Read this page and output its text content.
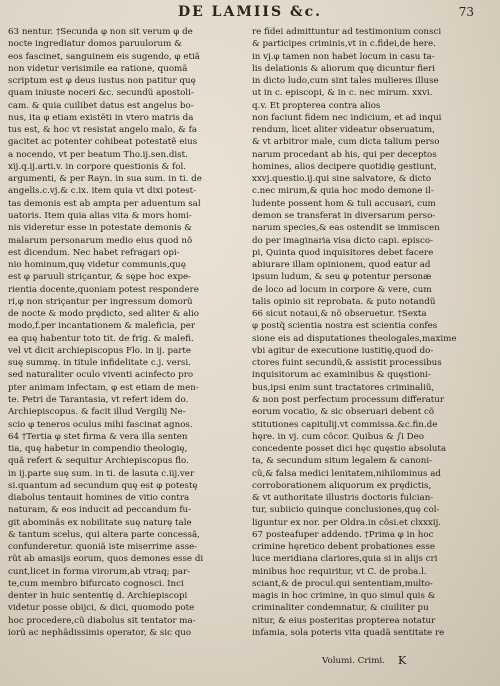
DE LAMIIS &c.	73
63 nentur. †Secunda φ non sit verum φ de
nocte ingrediatur domos paruulorum &
eos fascinet, sanguinem eis sugendo, φ etiã
non videtur verisimile ea ratione, quomã
scriptum est φ deus iustus non patitur quę
quam iniuste noceri &c. secundũ apostoli-
cam. & quia cuilibet datus est angelus bo-
nus, ita φ etiam existẽti in vtero matris da
tus est, & hoc vt resistat angelo malo, & fa
gacitet ac potenter cohibeat potestatẽ eius
a nocendo, vt per beatum Tho.ij.sen.dist.
xij.q.ij.arti.v. in corpore questionis & fol.
argumenti, & per Rayn. in sua sum. in ti. de
angelis.c.vj.& c.ix. item quia vt dixi potest-
tas demonis est ab ampta per aduentum sal
uatoris. Item quia alias vita & mors homi-
nis videretur esse in potestate demonis &
malarum personarum medio eius quod nõ
est dicendum. Nec habet refragari opi-
nio hominum,quę videtur communis,quę
est φ paruuli striçantur, & sępe hoc expe-
rientia docente,quoniam potest respondere
ri,φ non striçantur per ingressum domorũ
de nocte & modo prędicto, sed aliter & alio
modo,f.per incantationem & maleficia, per
ea quę habentur toto tit. de frig. & malefi.
vel vt dicit archiepiscopus Flo. in ij. parte
suę summę. in titule infidelitate c.j. versi.
sed naturaliter oculo viventi acinfecto pro
pter animam infectam, φ est etiam de men-
te. Petri de Tarantasia, vt refert idem do.
Archiepiscopus. & facit illud Vergilij Ne-
scio φ teneros oculus mihi fascinat agnos.
64 †Tertia φ stet firma & vera illa senten
tia, quę habetur in compendio theologię,
quã refert & sequitur Archiepiscopus flo.
in ij.parte suę sum. in ti. de lasuta c.iij.ver
si.quantum ad secundum quę est φ potestę
diabolus tentauit homines de vitio contra
naturam, & eos inducit ad peccandum fu-
git abominãs ex nobilitate suę naturę tale
& tantum scelus, qui altera parte concessã,
confunderetur. quoniã iste miserrime asse-
rũt ab amasijs eorum, quos demones esse di
cunt,licet in forma virorum,ab vtraq; par-
te,cum membro bifurcato cognosci. Inci
denter in huic sententię d. Archiepiscopi
videtur posse obijci, & dici, quomodo pote
hoc procedere,cũ diabolus sit tentator ma-
iorũ ac nephãdissimis operator, & sic quo
re fidei admittuntur ad testimonium consci
& participes criminis,vt in c.fidei,de here.
in vj.φ tamen non habet locum in casu ta-
lis delationis & aliorum quę dicuntur fieri
in dicto ludo,cum sint tales mulieres illuse
ut in c. episcopi, & in c. nec mirum. xxvi.
q.v. Et propterea contra alios
non faciunt fidem nec indicium, et ad inqui
rendum, licet aliter videatur obseruatum,
& vt arbitror male, cum dicta talium perso
narum procedant ab his, qui per deceptos
homines, alios decipere quotidię gestiunt,
xxvj.questio.ij.qui sine salvatore, & dicto
c.nec mirum,& quia hoc modo demone il-
ludente possent hom & tuli accusari, cum
demon se transferat in diversarum perso-
narum species,& eas ostendit se immiscen
do per imaginaria visa dicto capi. episco-
pi, Quinta quod inquisitores debet facere
abiurare illam opinionem, quod eatur ad
ipsum ludum, & seu φ potentur personæ
de loco ad locum in corpore & vere, cum
talis opinio sit reprobata. & puto notandũ
66 sicut notaui,& nõ obseruetur. †Sexta
φ postq̃ scientia nostra est scientia confes
sione eis ad disputationes theologales,maxime
vbi agitur de executione iustitię,quod do-
ctores fuint secundũ,& assistit processibus
inquisitorum ac examinibus & quęstioni-
bus,ipsi enim sunt tractatores criminaliũ,
& non post perfectum processum differatur
eorum vocatio, & sic obseruari debent cõ
stitutiones capitulij.vt commissa.&c.fin.de
hęre. in vj. cum cõcor. Quibus & ∫i Deo
concedente posset dici hęc quęstio absoluta
ta, & secundum situm legalem & canoni-
cũ,& falsa medici lenitatem,nihilominus ad
corroborationem aliquorum ex prędictis,
& vt authoritate illustris doctoris fulcian-
tur, subiicio quinque conclusiones,quę col-
liguntur ex nor. per Oldra.in cõsi.et clxxxij.
67 posteafuper addendo. †Prima φ in hoc
crimine hęretico debent probationes esse
luce meridiana clariores,quia si in alijs cri
minibus hoc requiritur, vt C. de proba.l.
sciant,& de procul.qui sententiam,multo-
magis in hoc crimine, in quo simul quis &
criminaliter condemnatur, & ciuiliter pu
nitur, & eius posteritas propterea notatur
infamia, sola poteris vita quadã sentitate re
Volumi. Crimi. K
